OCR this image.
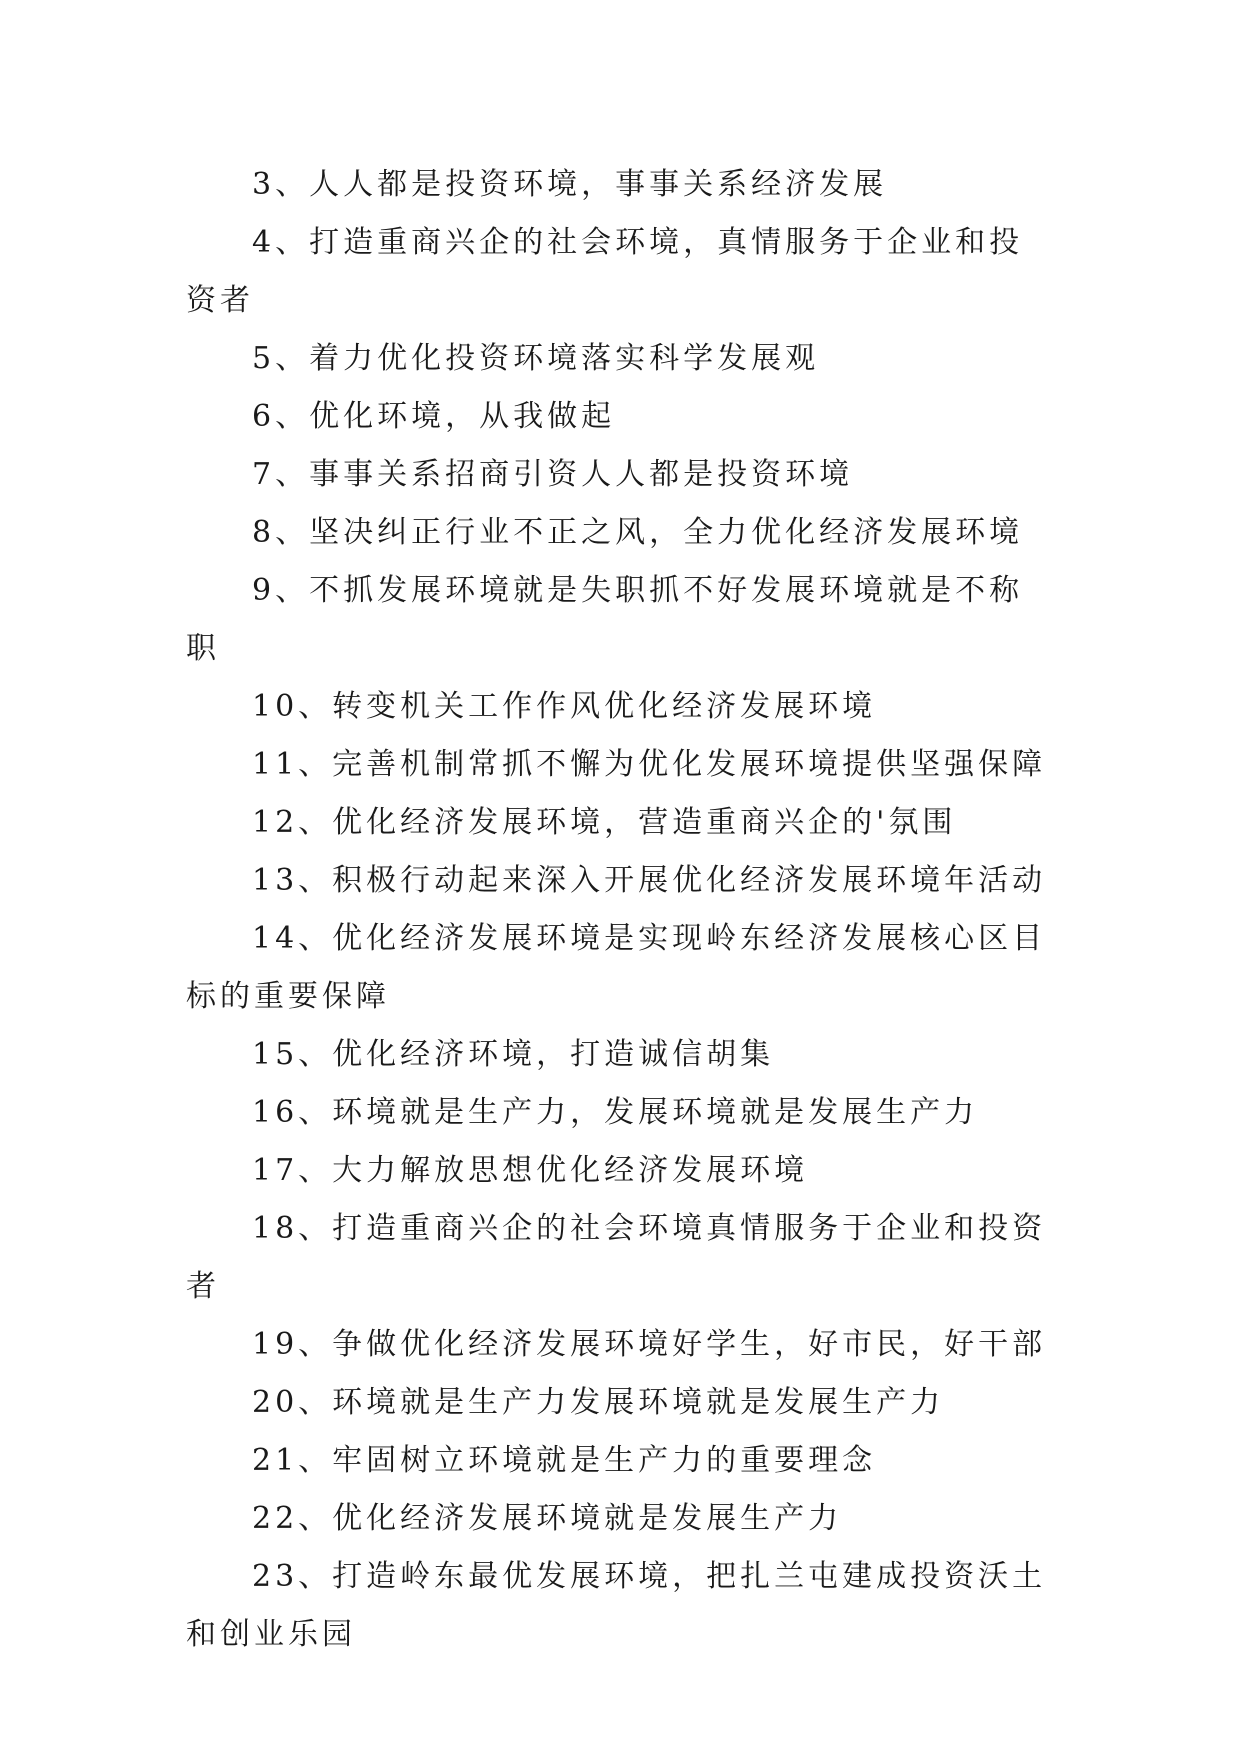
3、人人都是投资环境，事事关系经济发展

4、打造重商兴企的社会环境，真情服务于企业和投资者

5、着力优化投资环境落实科学发展观

6、优化环境，从我做起

7、事事关系招商引资人人都是投资环境

8、坚决纠正行业不正之风，全力优化经济发展环境

9、不抓发展环境就是失职抓不好发展环境就是不称职

10、转变机关工作作风优化经济发展环境

11、完善机制常抓不懈为优化发展环境提供坚强保障

12、优化经济发展环境，营造重商兴企的'氛围

13、积极行动起来深入开展优化经济发展环境年活动

14、优化经济发展环境是实现岭东经济发展核心区目标的重要保障

15、优化经济环境，打造诚信胡集

16、环境就是生产力，发展环境就是发展生产力

17、大力解放思想优化经济发展环境

18、打造重商兴企的社会环境真情服务于企业和投资者

19、争做优化经济发展环境好学生，好市民，好干部

20、环境就是生产力发展环境就是发展生产力

21、牢固树立环境就是生产力的重要理念

22、优化经济发展环境就是发展生产力

23、打造岭东最优发展环境，把扎兰屯建成投资沃土和创业乐园
